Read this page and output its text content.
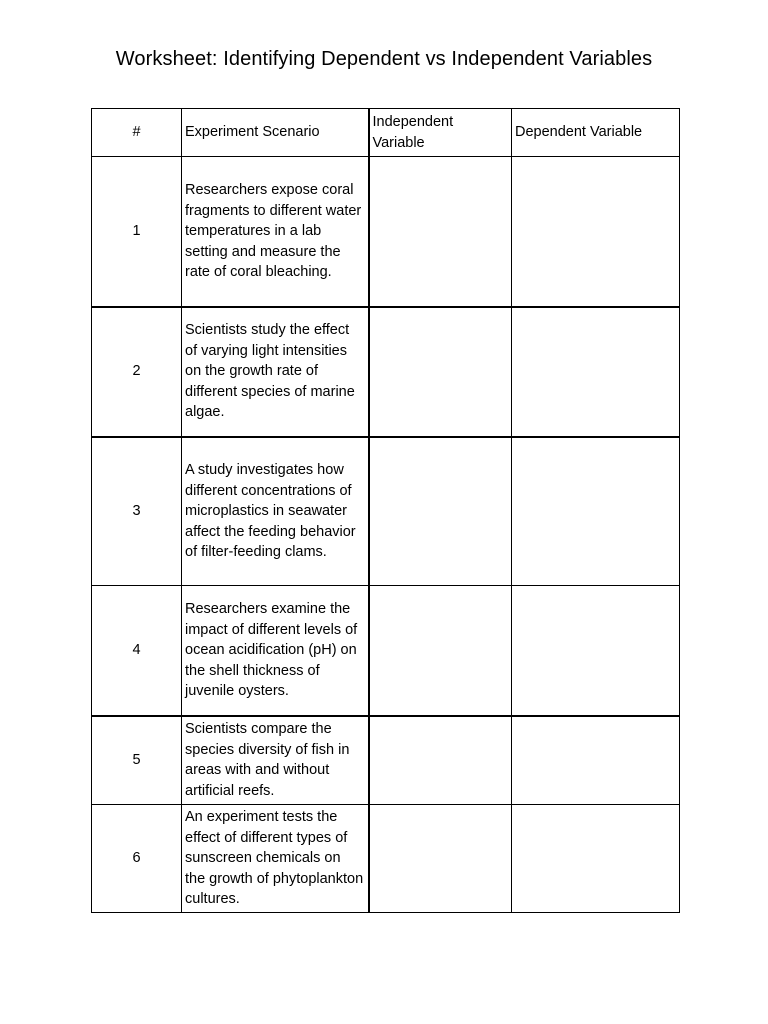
Worksheet: Identifying Dependent vs Independent Variables
#	Experiment Scenario	Independent Variable	Dependent Variable
1	Researchers expose coral fragments to different water temperatures in a lab setting and measure the rate of coral bleaching.		
2	Scientists study the effect of varying light intensities on the growth rate of different species of marine algae.		
3	A study investigates how different concentrations of microplastics in seawater affect the feeding behavior of filter-feeding clams.		
4	Researchers examine the impact of different levels of ocean acidification (pH) on the shell thickness of juvenile oysters.		
5	Scientists compare the species diversity of fish in areas with and without artificial reefs.		
6	An experiment tests the effect of different types of sunscreen chemicals on the growth of phytoplankton cultures.		
